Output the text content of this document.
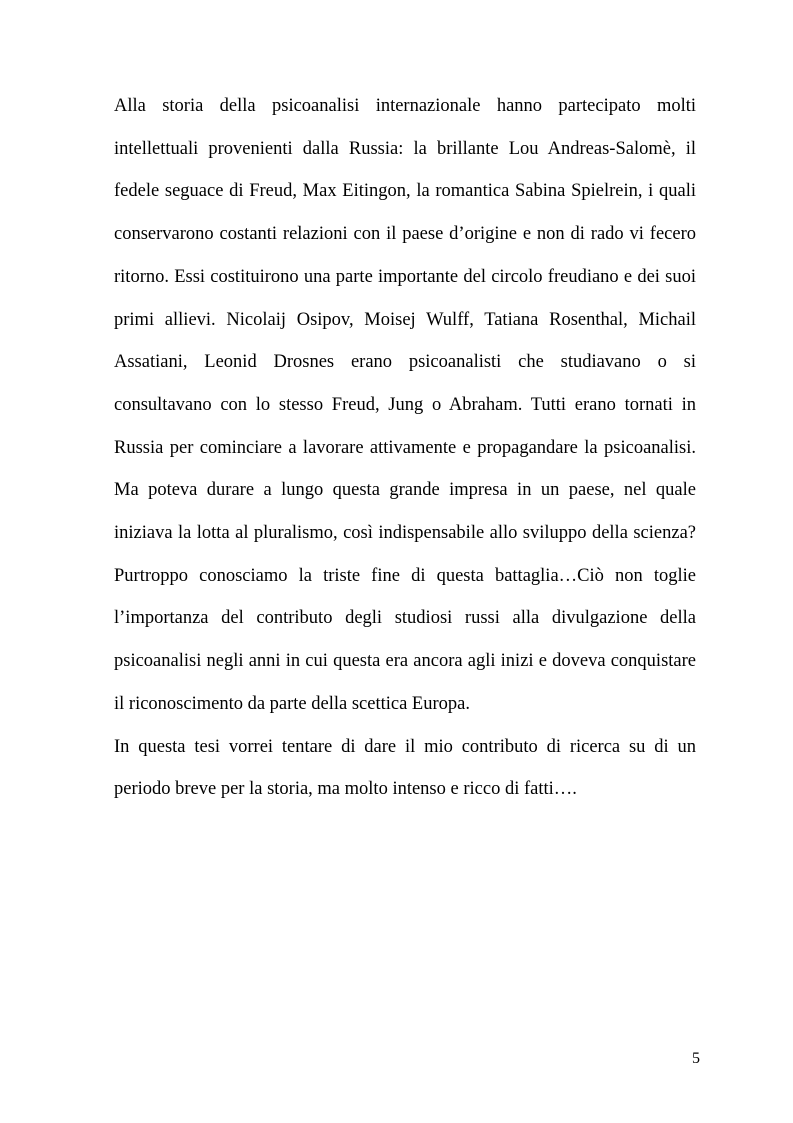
Alla storia della psicoanalisi internazionale hanno partecipato molti intellettuali provenienti dalla Russia: la brillante Lou Andreas-Salomè, il fedele seguace di Freud, Max Eitingon, la romantica Sabina Spielrein, i quali conservarono costanti relazioni con il paese d’origine e non di rado vi fecero ritorno. Essi costituirono una parte importante del circolo freudiano e dei suoi primi allievi. Nicolaij Osipov, Moisej Wulff, Tatiana Rosenthal, Michail Assatiani, Leonid Drosnes erano psicoanalisti che studiavano o si consultavano con lo stesso Freud, Jung o Abraham. Tutti erano tornati in Russia per cominciare a lavorare attivamente e propagandare la psicoanalisi. Ma poteva durare a lungo questa grande impresa in un paese, nel quale iniziava la lotta al pluralismo, così indispensabile allo sviluppo della scienza? Purtroppo conosciamo la triste fine di questa battaglia…Ciò non toglie l’importanza del contributo degli studiosi russi alla divulgazione della psicoanalisi negli anni in cui questa era ancora agli inizi e doveva conquistare il riconoscimento da parte della scettica Europa.

In questa tesi vorrei tentare di dare il mio contributo di ricerca su di un periodo breve per la storia, ma molto intenso e ricco di fatti….

5
